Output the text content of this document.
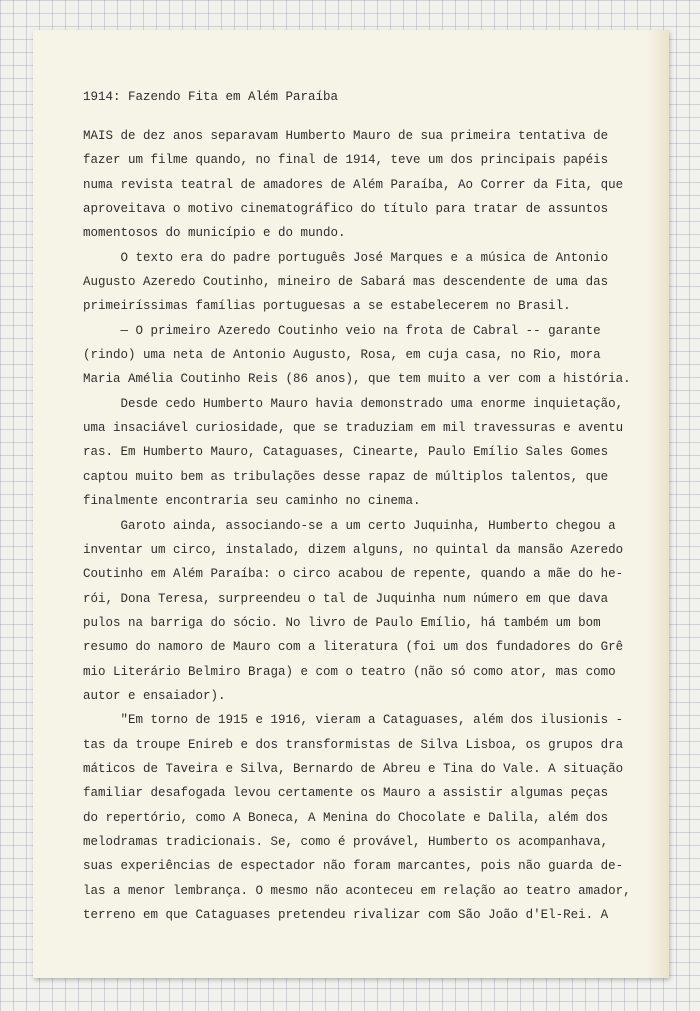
1914: Fazendo Fita em Além Paraíba
MAIS de dez anos separavam Humberto Mauro de sua primeira tentativa de
fazer um filme quando, no final de 1914, teve um dos principais papéis
numa revista teatral de amadores de Além Paraíba, Ao Correr da Fita, que
aproveitava o motivo cinematográfico do título para tratar de assuntos
momentosos do município e do mundo.
O texto era do padre português José Marques e a música de Antonio
Augusto Azeredo Coutinho, mineiro de Sabará mas descendente de uma das
primeiríssimas famílias portuguesas a se estabelecerem no Brasil.
— O primeiro Azeredo Coutinho veio na frota de Cabral -- garante
(rindo) uma neta de Antonio Augusto, Rosa, em cuja casa, no Rio, mora
Maria Amélia Coutinho Reis (86 anos), que tem muito a ver com a história.
Desde cedo Humberto Mauro havia demonstrado uma enorme inquietação,
uma insaciável curiosidade, que se traduziam em mil travessuras e aventu
ras. Em Humberto Mauro, Cataguases, Cinearte, Paulo Emílio Sales Gomes
captou muito bem as tribulações desse rapaz de múltiplos talentos, que
finalmente encontraria seu caminho no cinema.
Garoto ainda, associando-se a um certo Juquinha, Humberto chegou a
inventar um circo, instalado, dizem alguns, no quintal da mansão Azeredo
Coutinho em Além Paraíba: o circo acabou de repente, quando a mãe do he-
rói, Dona Teresa, surpreendeu o tal de Juquinha num número em que dava
pulos na barriga do sócio. No livro de Paulo Emílio, há também um bom
resumo do namoro de Mauro com a literatura (foi um dos fundadores do Grê
mio Literário Belmiro Braga) e com o teatro (não só como ator, mas como
autor e ensaiador).
"Em torno de 1915 e 1916, vieram a Cataguases, além dos ilusionis -
tas da troupe Enireb e dos transformistas de Silva Lisboa, os grupos dra
máticos de Taveira e Silva, Bernardo de Abreu e Tina do Vale. A situação
familiar desafogada levou certamente os Mauro a assistir algumas peças
do repertório, como A Boneca, A Menina do Chocolate e Dalila, além dos
melodramas tradicionais. Se, como é provável, Humberto os acompanhava,
suas experiências de espectador não foram marcantes, pois não guarda de-
las a menor lembrança. O mesmo não aconteceu em relação ao teatro amador,
terreno em que Cataguases pretendeu rivalizar com São João d'El-Rei. A
